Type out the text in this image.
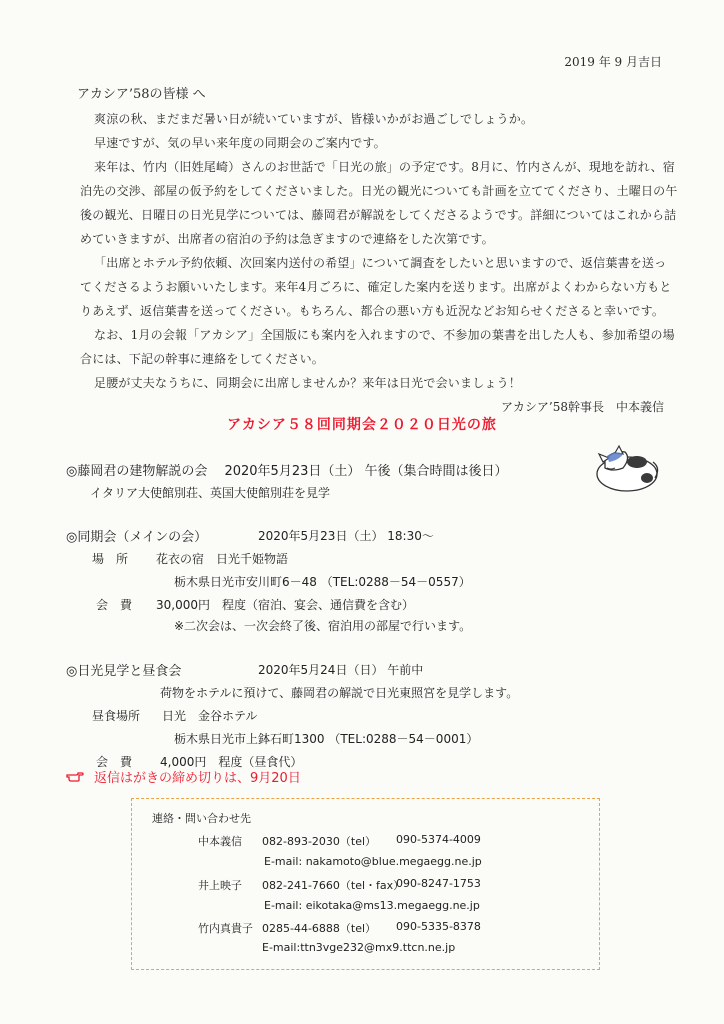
2019 年 9 月吉日
アカシア’58の皆様 へ
爽涼の秋、まだまだ暑い日が続いていますが、皆様いかがお過ごしでしょうか。
早速ですが、気の早い来年度の同期会のご案内です。
来年は、竹内（旧姓尾崎）さんのお世話で「日光の旅」の予定です。8月に、竹内さんが、現地を訪れ、宿
泊先の交渉、部屋の仮予約をしてくださいました。日光の観光についても計画を立ててくださり、土曜日の午
後の観光、日曜日の日光見学については、藤岡君が解説をしてくださるようです。詳細についてはこれから詰
めていきますが、出席者の宿泊の予約は急ぎますので連絡をした次第です。
「出席とホテル予約依頼、次回案内送付の希望」について調査をしたいと思いますので、返信葉書を送っ
てくださるようお願いいたします。来年4月ごろに、確定した案内を送ります。出席がよくわからない方もと
りあえず、返信葉書を送ってください。もちろん、都合の悪い方も近況などお知らせくださると幸いです。
なお、1月の会報「アカシア」全国版にも案内を入れますので、不参加の葉書を出した人も、参加希望の場
合には、下記の幹事に連絡をしてください。
足腰が丈夫なうちに、同期会に出席しませんか？来年は日光で会いましょう！
アカシア’58幹事長　中本義信
アカシア５８回同期会２０２０日光の旅
◎藤岡君の建物解説の会　 2020年5月23日（土） 午後（集合時間は後日）
イタリア大使館別荘、英国大使館別荘を見学
◎同期会（メインの会）	2020年5月23日（土） 18:30～
場　所 花衣の宿　日光千姫物語
栃木県日光市安川町6－48 （TEL:0288－54－0557）
会　費 30,000円　程度（宿泊、宴会、通信費を含む）
※二次会は、一次会終了後、宿泊用の部屋で行います。
◎日光見学と昼食会	2020年5月24日（日） 午前中
荷物をホテルに預けて、藤岡君の解説で日光東照宮を見学します。
昼食場所 日光　金谷ホテル
栃木県日光市上鉢石町1300 （TEL:0288－54－0001）
会　費 4,000円　程度（昼食代）
返信はがきの締め切りは、9月20日
連絡・問い合わせ先
中本義信 082-893-2030（tel） 090-5374-4009
E-mail: nakamoto@blue.megaegg.ne.jp
井上映子 082-241-7660（tel・fax）
090-8247-1753
E-mail: eikotaka@ms13.megaegg.ne.jp
竹内真貴子 0285-44-6888（tel） 090-5335-8378
E-mail:ttn3vge232@mx9.ttcn.ne.jp
